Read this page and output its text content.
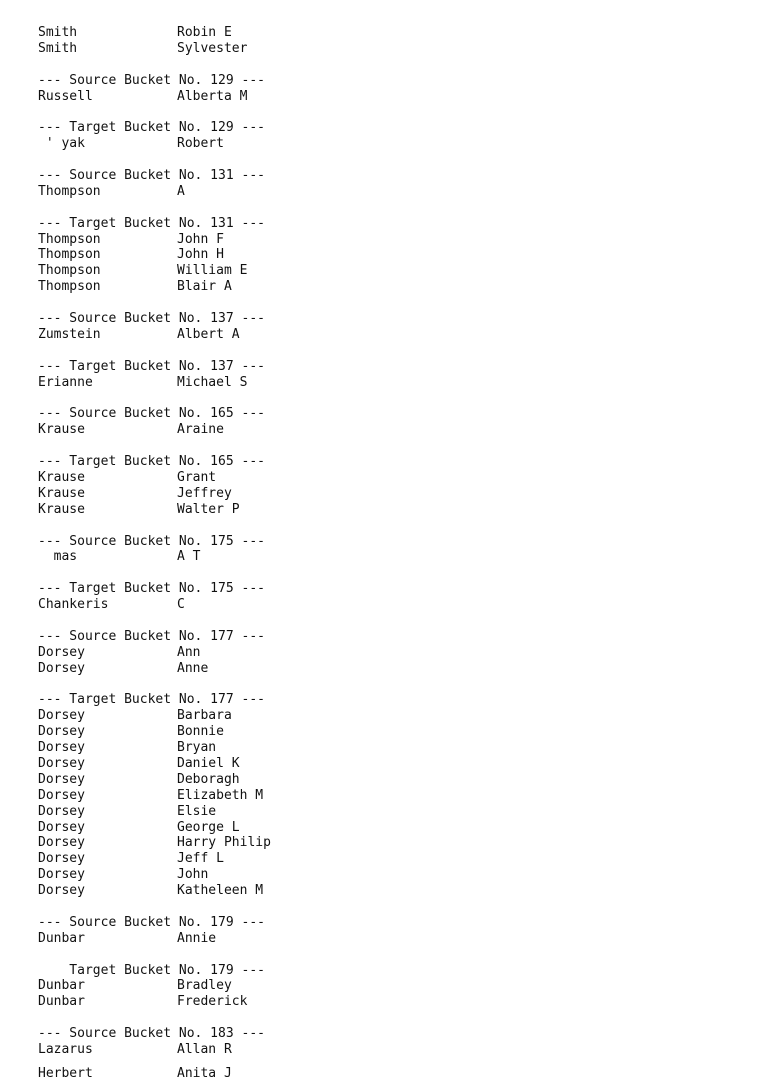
Smith	Robin E
Smith	Sylvester
--- Source Bucket No. 129 ---
Russell	Alberta M
--- Target Bucket No. 129 ---
' yak	Robert
--- Source Bucket No. 131 ---
Thompson	A
--- Target Bucket No. 131 ---
Thompson	John F
Thompson	John H
Thompson	William E
Thompson	Blair A
--- Source Bucket No. 137 ---
Zumstein	Albert A
--- Target Bucket No. 137 ---
Erianne	Michael S
--- Source Bucket No. 165 ---
Krause	Araine
--- Target Bucket No. 165 ---
Krause	Grant
Krause	Jeffrey
Krause	Walter P
--- Source Bucket No. 175 ---
mas	A T
--- Target Bucket No. 175 ---
Chankeris	C
--- Source Bucket No. 177 ---
Dorsey	Ann
Dorsey	Anne
--- Target Bucket No. 177 ---
Dorsey	Barbara
Dorsey	Bonnie
Dorsey	Bryan
Dorsey	Daniel K
Dorsey	Deboragh
Dorsey	Elizabeth M
Dorsey	Elsie
Dorsey	George L
Dorsey	Harry Philip
Dorsey	Jeff L
Dorsey	John
Dorsey	Katheleen M
--- Source Bucket No. 179 ---
Dunbar	Annie
Target Bucket No. 179 ---
Dunbar	Bradley
Dunbar	Frederick
--- Source Bucket No. 183 ---
Lazarus	Allan R
Herbert	Anita J
